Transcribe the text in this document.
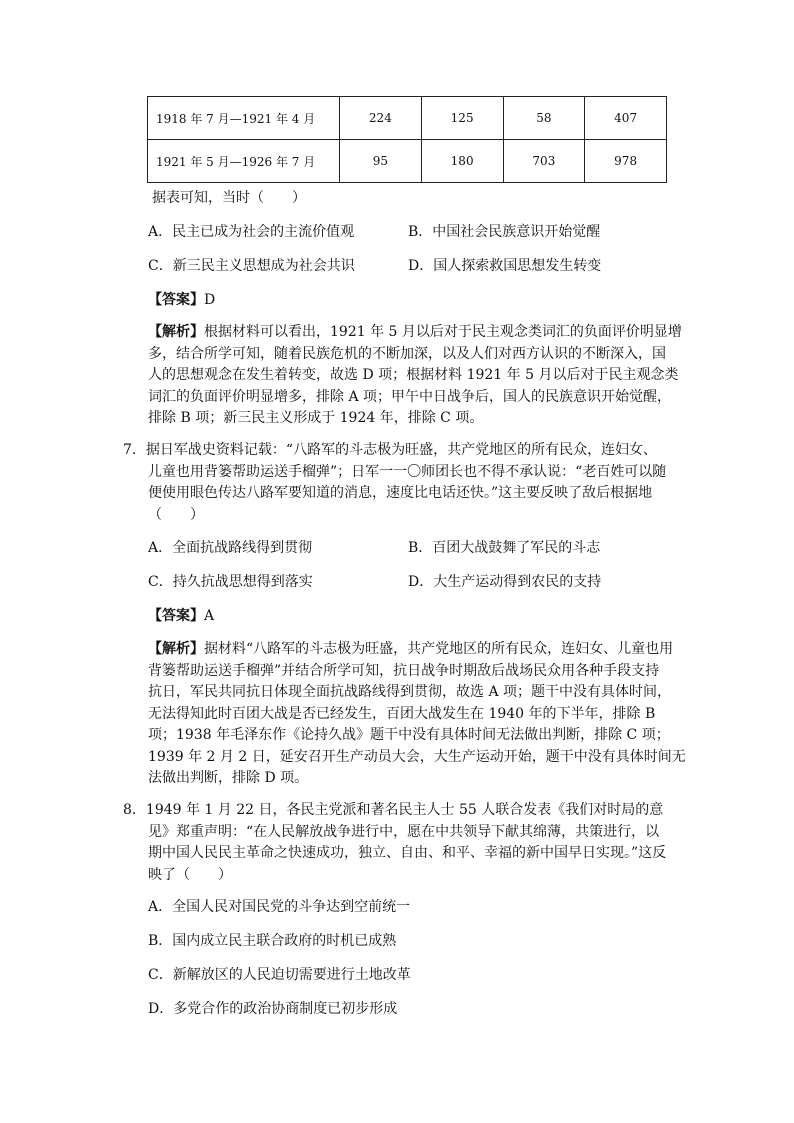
1918 年 7 月—1921 年 4 月	224	125	58	407
1921 年 5 月—1926 年 7 月	95	180	703	978
据表可知，当时（　　）
A．民主已成为社会的主流价值观	B．中国社会民族意识开始觉醒
C．新三民主义思想成为社会共识	D．国人探索救国思想发生转变
【答案】D
【解析】根据材料可以看出，1921 年 5 月以后对于民主观念类词汇的负面评价明显增
多，结合所学可知，随着民族危机的不断加深，以及人们对西方认识的不断深入，国
人的思想观念在发生着转变，故选 D 项；根据材料 1921 年 5 月以后对于民主观念类
词汇的负面评价明显增多，排除 A 项；甲午中日战争后，国人的民族意识开始觉醒，
排除 B 项；新三民主义形成于 1924 年，排除 C 项。
7．据日军战史资料记载：“八路军的斗志极为旺盛，共产党地区的所有民众，连妇女、
儿童也用背篓帮助运送手榴弹”；日军一一〇师团长也不得不承认说：“老百姓可以随
便使用眼色传达八路军要知道的消息，速度比电话还快。”这主要反映了敌后根据地
（　　）
A．全面抗战路线得到贯彻	B．百团大战鼓舞了军民的斗志
C．持久抗战思想得到落实	D．大生产运动得到农民的支持
【答案】A
【解析】据材料“八路军的斗志极为旺盛，共产党地区的所有民众，连妇女、儿童也用
背篓帮助运送手榴弹”并结合所学可知，抗日战争时期敌后战场民众用各种手段支持
抗日，军民共同抗日体现全面抗战路线得到贯彻，故选 A 项；题干中没有具体时间，
无法得知此时百团大战是否已经发生，百团大战发生在 1940 年的下半年，排除 B
项；1938 年毛泽东作《论持久战》题干中没有具体时间无法做出判断，排除 C 项；
1939 年 2 月 2 日，延安召开生产动员大会，大生产运动开始，题干中没有具体时间无
法做出判断，排除 D 项。
8．1949 年 1 月 22 日，各民主党派和著名民主人士 55 人联合发表《我们对时局的意
见》郑重声明：“在人民解放战争进行中，愿在中共领导下献其绵薄，共策进行，以
期中国人民民主革命之快速成功，独立、自由、和平、幸福的新中国早日实现。”这反
映了（　　）
A．全国人民对国民党的斗争达到空前统一
B．国内成立民主联合政府的时机已成熟
C．新解放区的人民迫切需要进行土地改革
D．多党合作的政治协商制度已初步形成
